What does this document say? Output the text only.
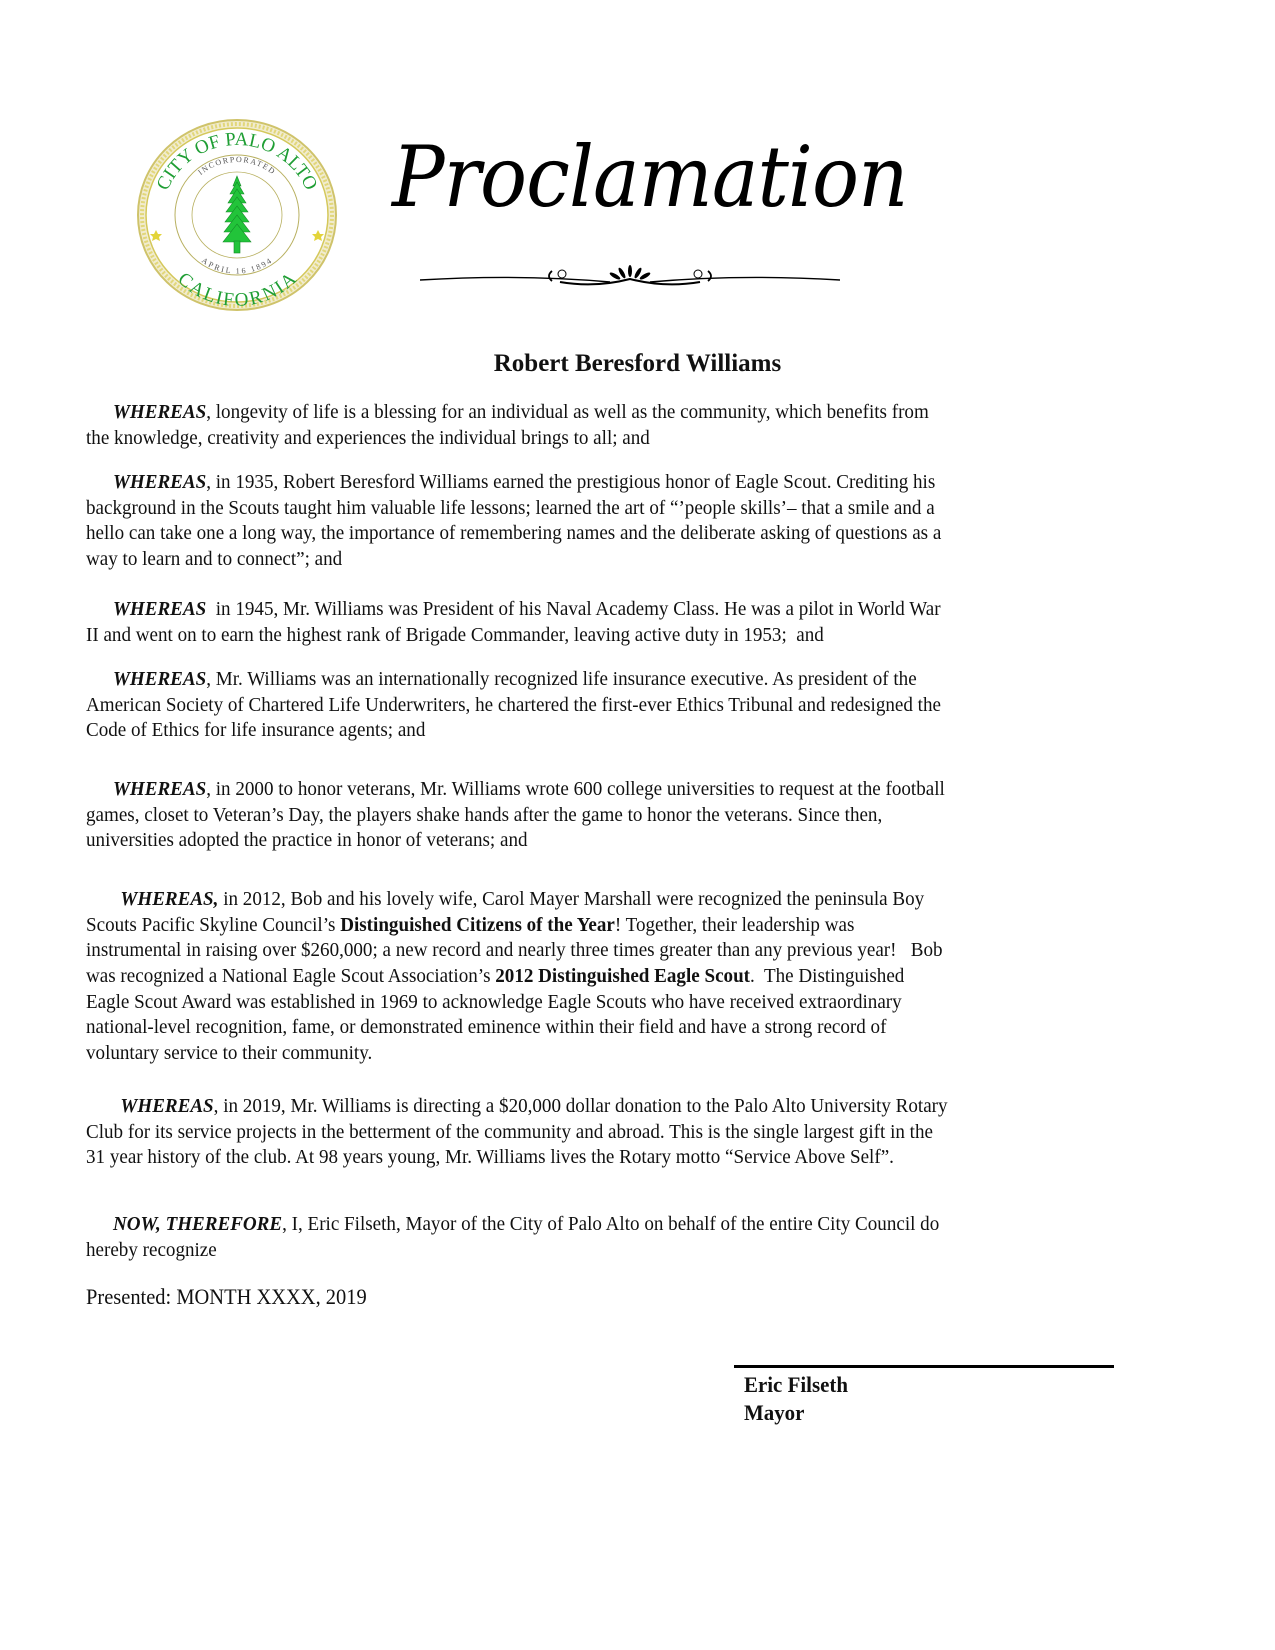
CITY OF PALO ALTO
CALIFORNIA
INCORPORATED
APRIL 16 1894
Proclamation
Robert Beresford Williams
WHEREAS, longevity of life is a blessing for an individual as well as the community, which benefits from
the knowledge, creativity and experiences the individual brings to all; and
WHEREAS, in 1935, Robert Beresford Williams earned the prestigious honor of Eagle Scout. Crediting his
background in the Scouts taught him valuable life lessons; learned the art of “’people skills’– that a smile and a
hello can take one a long way, the importance of remembering names and the deliberate asking of questions as a
way to learn and to connect”; and
WHEREAS  in 1945, Mr. Williams was President of his Naval Academy Class. He was a pilot in World War
II and went on to earn the highest rank of Brigade Commander, leaving active duty in 1953;  and
WHEREAS, Mr. Williams was an internationally recognized life insurance executive. As president of the
American Society of Chartered Life Underwriters, he chartered the first-ever Ethics Tribunal and redesigned the
Code of Ethics for life insurance agents; and
WHEREAS, in 2000 to honor veterans, Mr. Williams wrote 600 college universities to request at the football
games, closet to Veteran’s Day, the players shake hands after the game to honor the veterans. Since then,
universities adopted the practice in honor of veterans; and
WHEREAS, in 2012, Bob and his lovely wife, Carol Mayer Marshall were recognized the peninsula Boy
Scouts Pacific Skyline Council’s Distinguished Citizens of the Year! Together, their leadership was
instrumental in raising over $260,000; a new record and nearly three times greater than any previous year!   Bob
was recognized a National Eagle Scout Association’s 2012 Distinguished Eagle Scout.  The Distinguished
Eagle Scout Award was established in 1969 to acknowledge Eagle Scouts who have received extraordinary
national-level recognition, fame, or demonstrated eminence within their field and have a strong record of
voluntary service to their community.
WHEREAS, in 2019, Mr. Williams is directing a $20,000 dollar donation to the Palo Alto University Rotary
Club for its service projects in the betterment of the community and abroad. This is the single largest gift in the
31 year history of the club. At 98 years young, Mr. Williams lives the Rotary motto “Service Above Self”.
NOW, THEREFORE, I, Eric Filseth, Mayor of the City of Palo Alto on behalf of the entire City Council do
hereby recognize
Presented: MONTH XXXX, 2019
Eric Filseth
Mayor
